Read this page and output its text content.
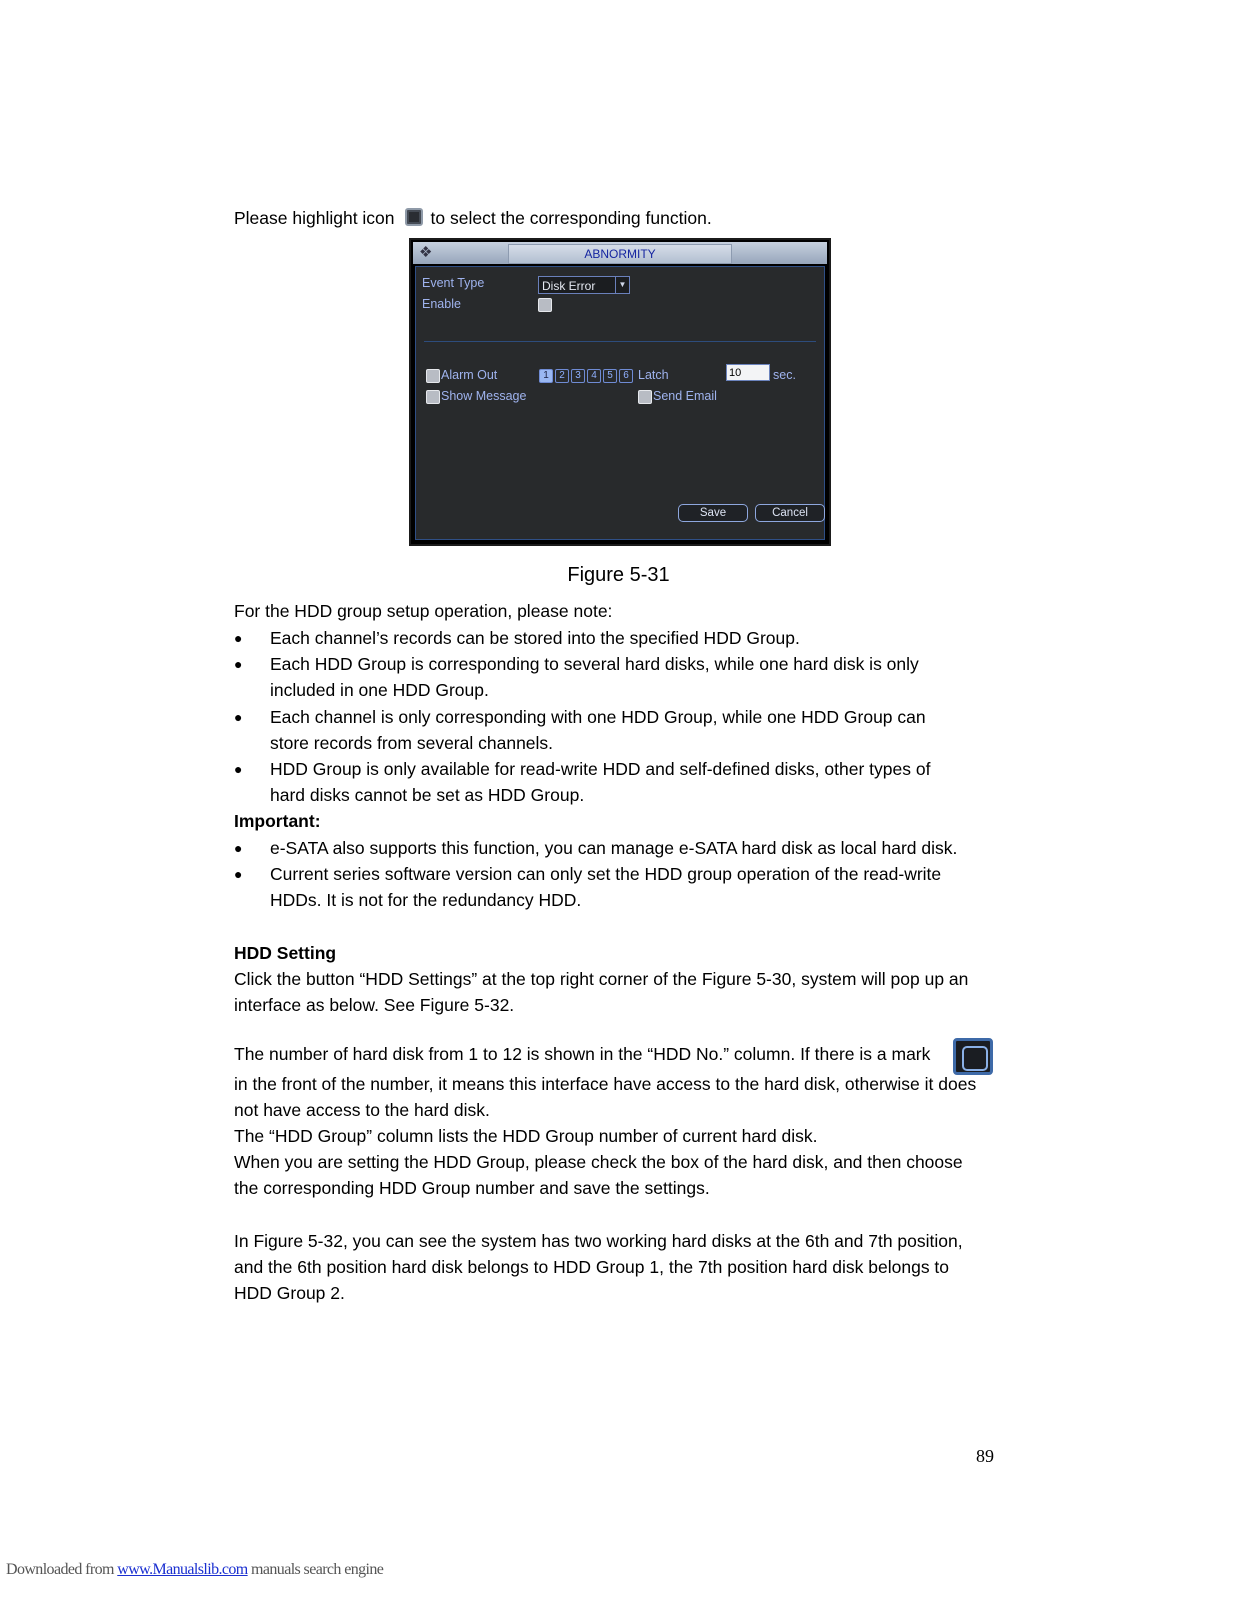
Please highlight icon to select the corresponding function.
❖	ABNORMITY
Event Type	Disk Error	▼
Enable
Alarm Out	1	2	3	4	5	6 Latch	10	sec.
Show Message	Send Email
Save	Cancel
Figure 5-31
For the HDD group setup operation, please note:
● Each channel’s records can be stored into the specified HDD Group.
● Each HDD Group is corresponding to several hard disks, while one hard disk is only
included in one HDD Group.
● Each channel is only corresponding with one HDD Group, while one HDD Group can
store records from several channels.
● HDD Group is only available for read-write HDD and self-defined disks, other types of
hard disks cannot be set as HDD Group.
Important:
● e-SATA also supports this function, you can manage e-SATA hard disk as local hard disk.
● Current series software version can only set the HDD group operation of the read-write
HDDs. It is not for the redundancy HDD.
HDD Setting
Click the button “HDD Settings” at the top right corner of the Figure 5-30, system will pop up an
interface as below. See Figure 5-32.
The number of hard disk from 1 to 12 is shown in the “HDD No.” column. If there is a mark
in the front of the number, it means this interface have access to the hard disk, otherwise it does
not have access to the hard disk.
The “HDD Group” column lists the HDD Group number of current hard disk.
When you are setting the HDD Group, please check the box of the hard disk, and then choose
the corresponding HDD Group number and save the settings.
In Figure 5-32, you can see the system has two working hard disks at the 6th and 7th position,
and the 6th position hard disk belongs to HDD Group 1, the 7th position hard disk belongs to
HDD Group 2.
89
Downloaded from www.Manualslib.com manuals search engine
